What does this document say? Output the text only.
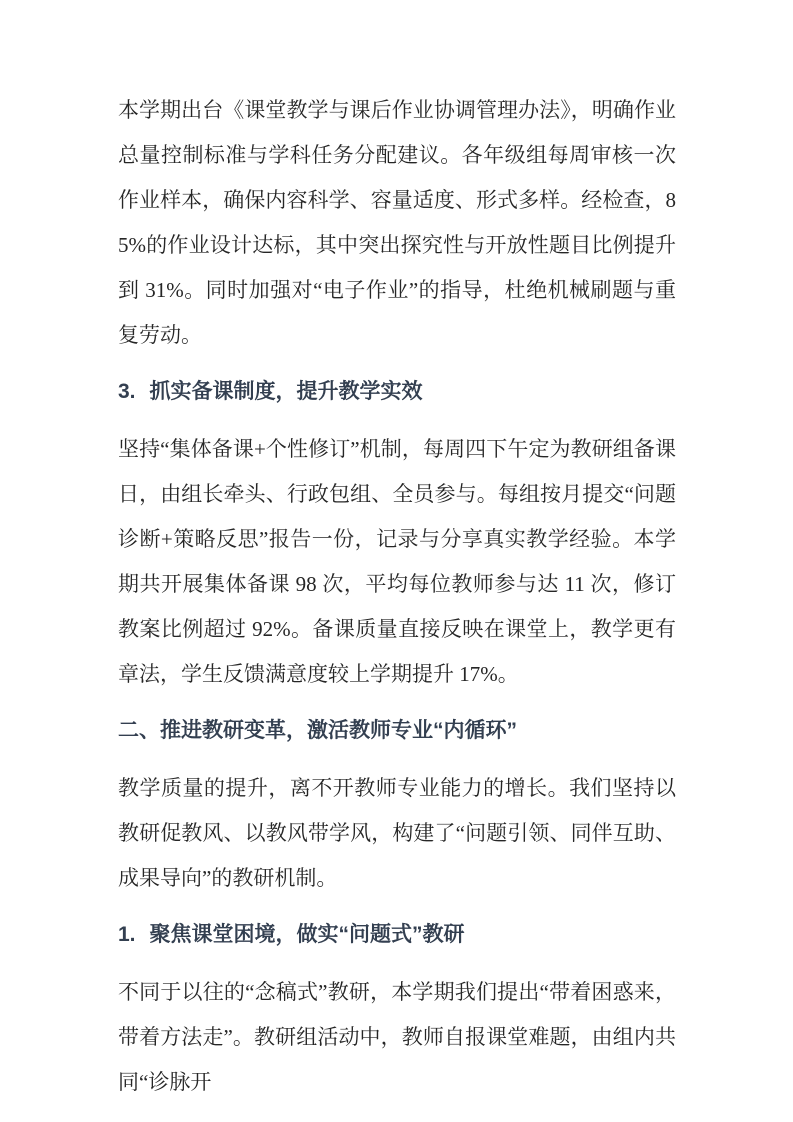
本学期出台《课堂教学与课后作业协调管理办法》，明确作业总量控制标准与学科任务分配建议。各年级组每周审核一次作业样本，确保内容科学、容量适度、形式多样。经检查，85%的作业设计达标，其中突出探究性与开放性题目比例提升到 31%。同时加强对“电子作业”的指导，杜绝机械刷题与重复劳动。

3. 抓实备课制度，提升教学实效

坚持“集体备课+个性修订”机制，每周四下午定为教研组备课日，由组长牵头、行政包组、全员参与。每组按月提交“问题诊断+策略反思”报告一份，记录与分享真实教学经验。本学期共开展集体备课 98 次，平均每位教师参与达 11 次，修订教案比例超过 92%。备课质量直接反映在课堂上，教学更有章法，学生反馈满意度较上学期提升 17%。

二、推进教研变革，激活教师专业“内循环”

教学质量的提升，离不开教师专业能力的增长。我们坚持以教研促教风、以教风带学风，构建了“问题引领、同伴互助、成果导向”的教研机制。

1. 聚焦课堂困境，做实“问题式”教研

不同于以往的“念稿式”教研，本学期我们提出“带着困惑来，带着方法走”。教研组活动中，教师自报课堂难题，由组内共同“诊脉开
